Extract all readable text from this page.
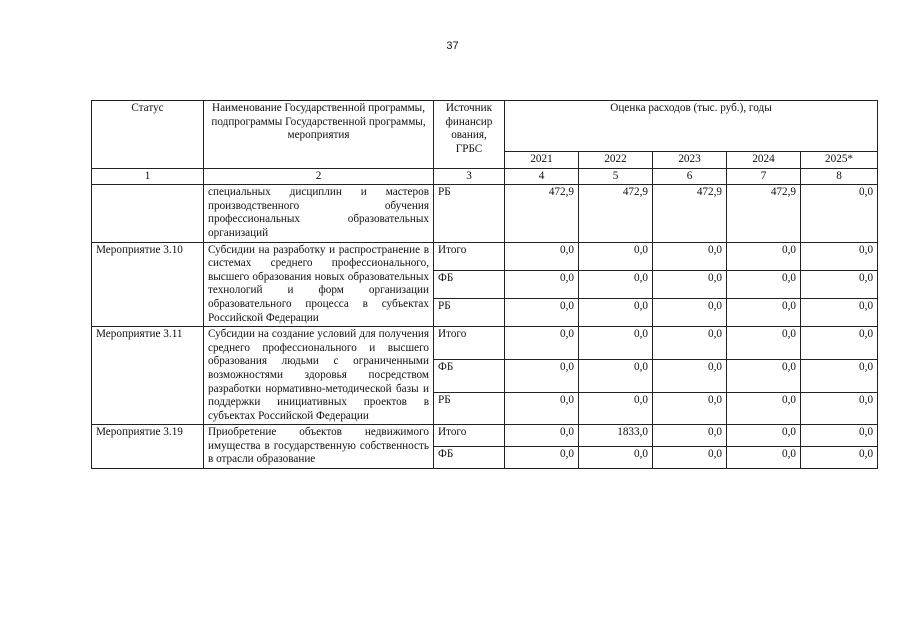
37
Статус	Наименование Государственной программы, подпрограммы Государственной программы, мероприятия	Источник финансир ования, ГРБС	Оценка расходов (тыс. руб.), годы				
			2021	2022	2023	2024	2025*
1	2	3	4	5	6	7	8
	специальных дисциплин и мастеров производственного обучения профессиональных образовательных организаций	РБ	472,9	472,9	472,9	472,9	0,0
Мероприятие 3.10	Субсидии на разработку и распространение в системах среднего профессионального, высшего образования новых образовательных технологий и форм организации образовательного процесса в субъектах Российской Федерации	Итого	0,0	0,0	0,0	0,0	0,0
		ФБ	0,0	0,0	0,0	0,0	0,0
		РБ	0,0	0,0	0,0	0,0	0,0
Мероприятие 3.11	Субсидии на создание условий для получения среднего профессионального и высшего образования людьми с ограниченными возможностями здоровья посредством разработки нормативно-методической базы и поддержки инициативных проектов в субъектах Российской Федерации	Итого	0,0	0,0	0,0	0,0	0,0
		ФБ	0,0	0,0	0,0	0,0	0,0
		РБ	0,0	0,0	0,0	0,0	0,0
Мероприятие 3.19	Приобретение объектов недвижимого имущества в государственную собственность в отрасли образование	Итого	0,0	1833,0	0,0	0,0	0,0
		ФБ	0,0	0,0	0,0	0,0	0,0
